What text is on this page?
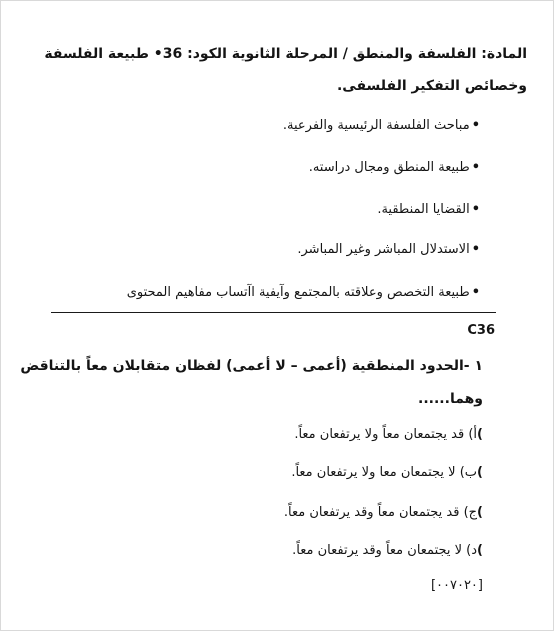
المادة: الفلسفة والمنطق / المرحلة الثانوية الكود: 36• طبيعة الفلسفة
وخصائص التفكير الفلسفى.
•مباحث الفلسفة الرئيسية والفرعية.
•طبيعة المنطق ومجال دراسته.
•القضايا المنطقية.
•الاستدلال المباشر وغير المباشر.
•طبيعة التخصص وعلاقته بالمجتمع وآيفية اآتساب مفاهيم المحتوى
C36
١ -الحدود المنطقية (أعمى – لا أعمى) لفظان متقابلان معاً بالتناقض
وهما......
)أ) قد يجتمعان معاً ولا يرتفعان معاً.
)ب) لا يجتمعان معا ولا يرتفعان معاً.
)ج) قد يجتمعان معاً وقد يرتفعان معاً.
)د) لا يجتمعان معاً وقد يرتفعان معاً.
[٠٠٧٠٢٠]
